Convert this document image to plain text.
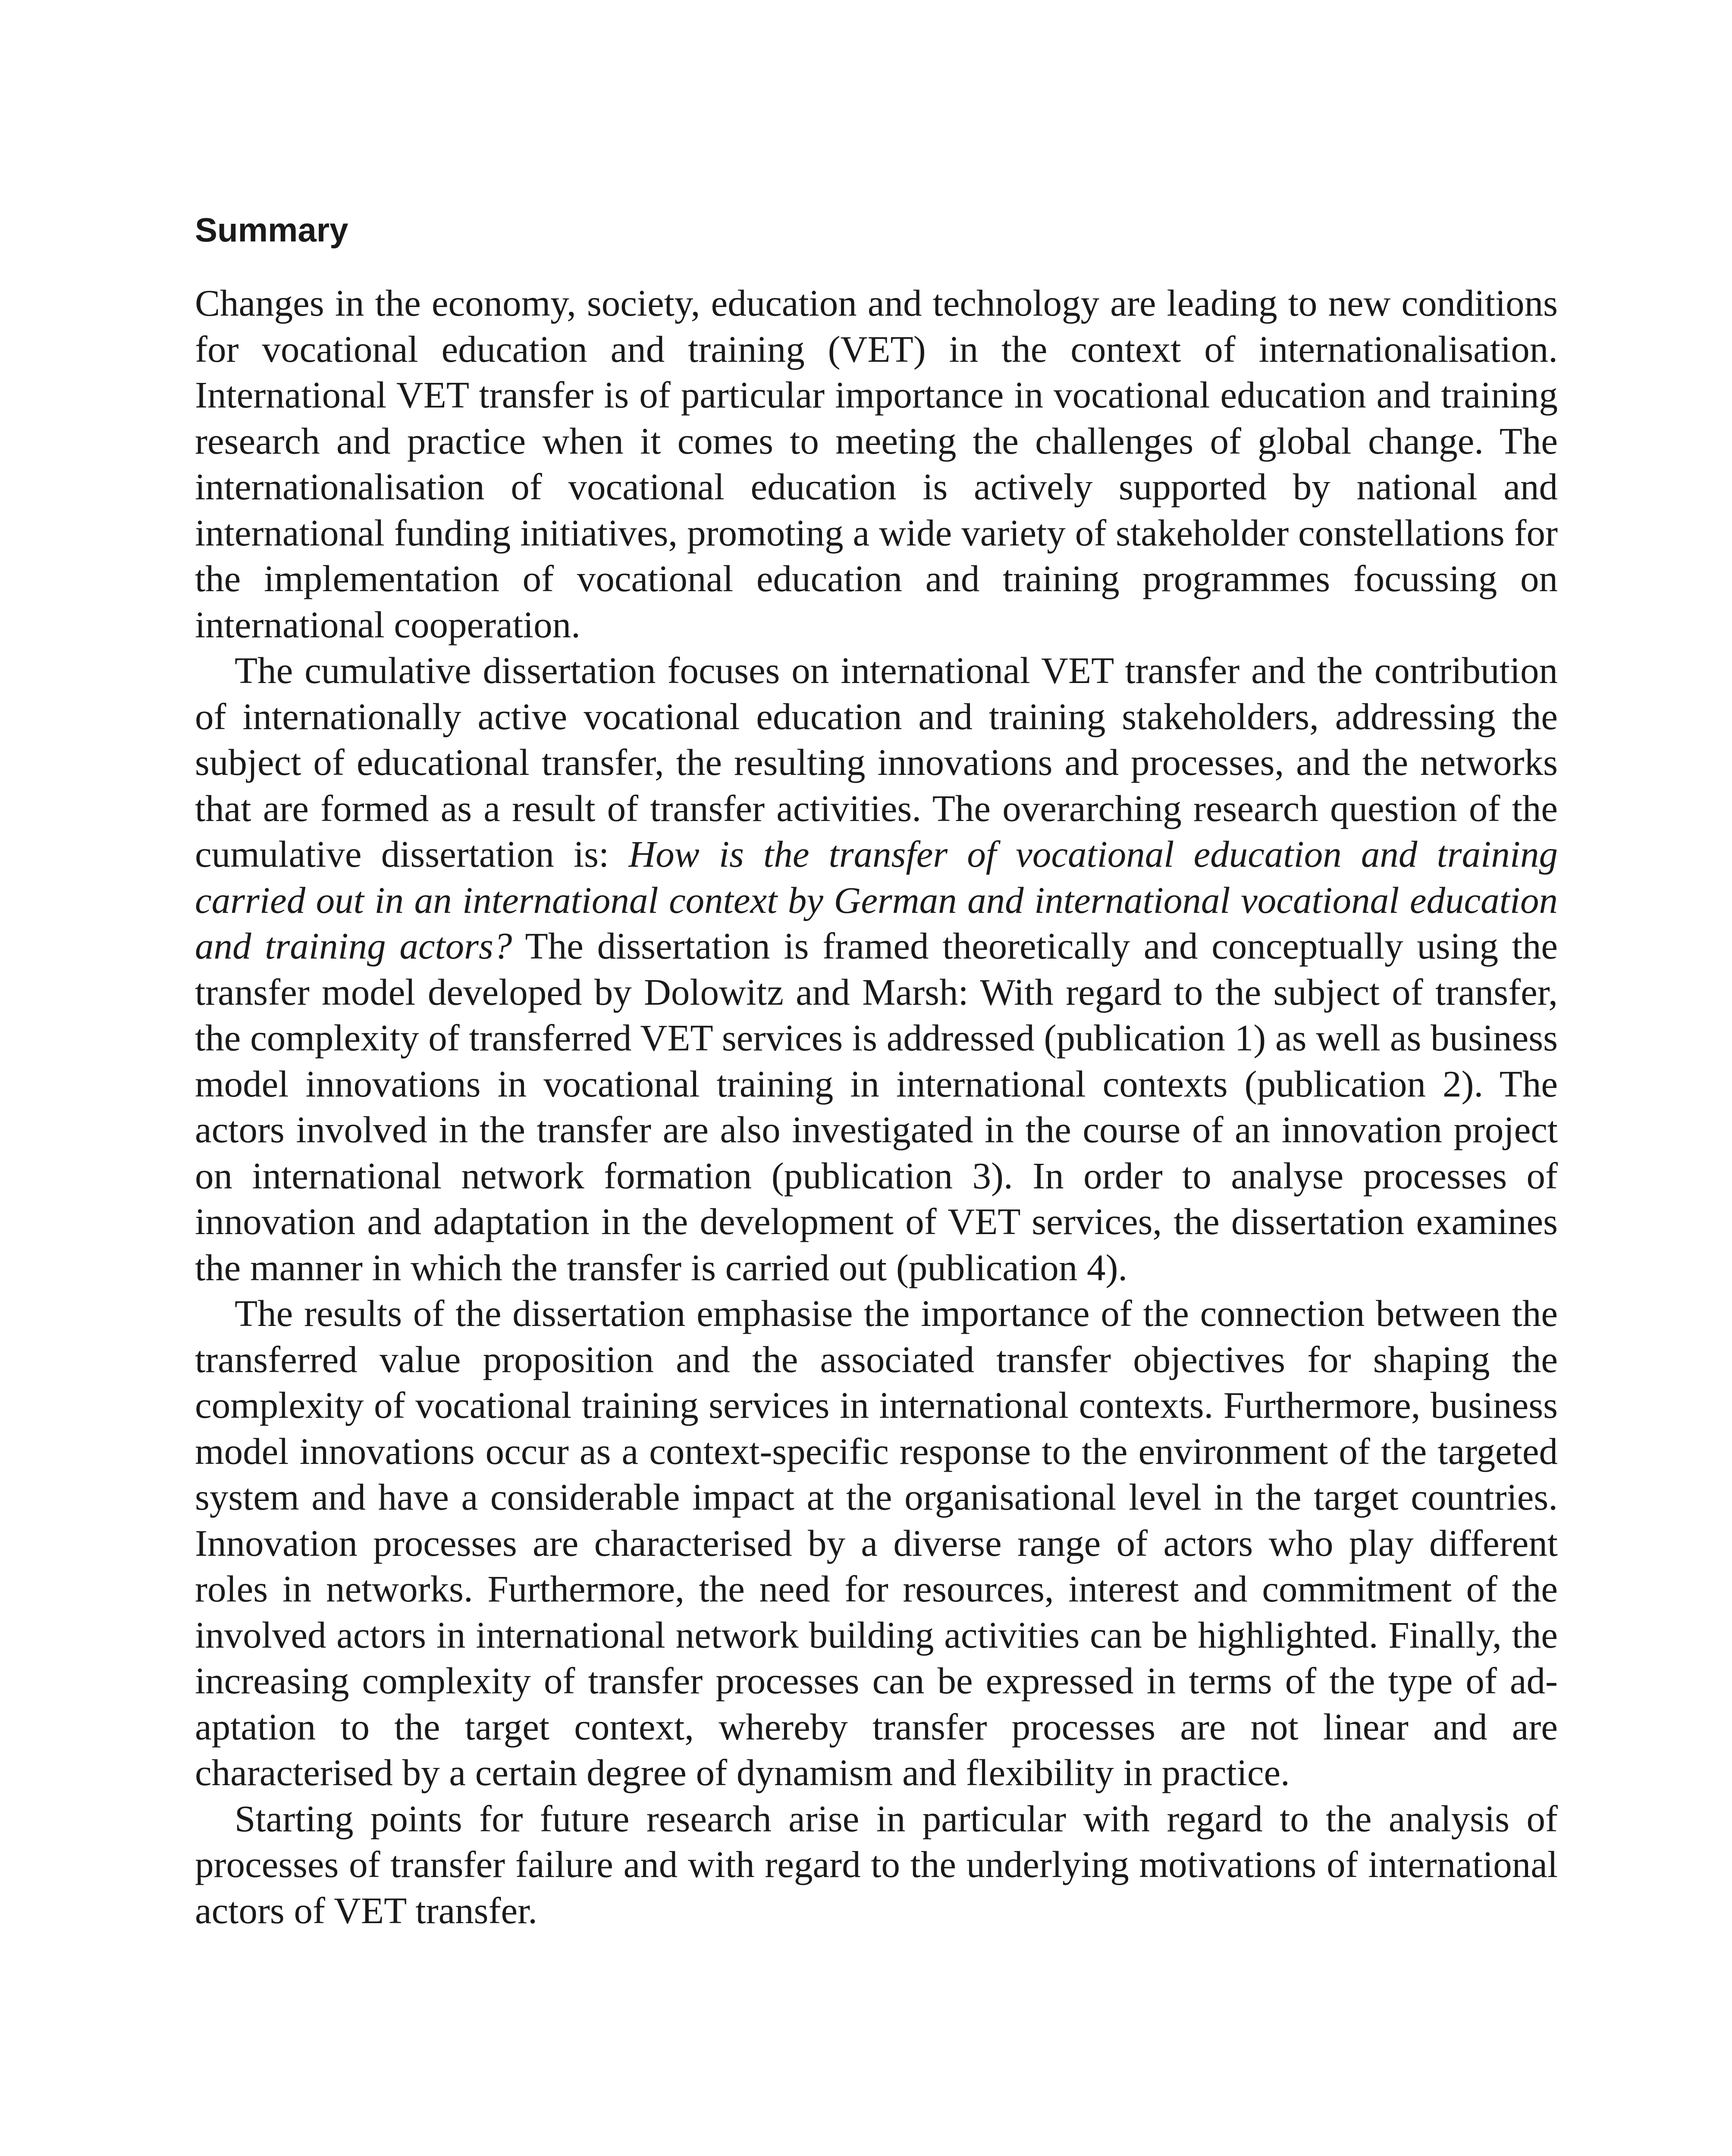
Summary

Changes in the economy, society, education and technology are leading to new conditions for vocational education and training (VET) in the context of internationalisation. International VET transfer is of particular importance in vocational education and training research and practice when it comes to meeting the challenges of global change. The internationalisation of vocational education is actively supported by national and international funding initiatives, promoting a wide variety of stakeholder constellations for the implementation of vocational education and training programmes focussing on international cooperation.

The cumulative dissertation focuses on international VET transfer and the contribution of internationally active vocational education and training stakeholders, addressing the subject of educational transfer, the resulting innovations and processes, and the networks that are formed as a result of transfer activities. The overarching research question of the cumulative dissertation is: How is the transfer of vocational education and training carried out in an international context by German and international vocational education and training actors? The dissertation is framed theoretically and conceptually using the transfer model developed by Dolowitz and Marsh: With regard to the subject of transfer, the complexity of transferred VET services is addressed (publication 1) as well as business model innovations in vocational training in international contexts (publication 2). The actors involved in the transfer are also investigated in the course of an innovation project on international network formation (publication 3). In order to analyse processes of innovation and adaptation in the development of VET services, the dissertation examines the manner in which the transfer is carried out (publication 4).

The results of the dissertation emphasise the importance of the connection between the transferred value proposition and the associated transfer objectives for shaping the complexity of vocational training services in international contexts. Furthermore, business model innovations occur as a context-specific response to the environment of the targeted system and have a considerable impact at the organisational level in the target countries. Innovation processes are characterised by a diverse range of actors who play different roles in networks. Furthermore, the need for resources, interest and commitment of the involved actors in international network building activities can be highlighted. Finally, the increasing complexity of transfer processes can be expressed in terms of the type of adaptation to the target context, whereby transfer processes are not linear and are characterised by a certain degree of dynamism and flexibility in practice.

Starting points for future research arise in particular with regard to the analysis of processes of transfer failure and with regard to the underlying motivations of international actors of VET transfer.
